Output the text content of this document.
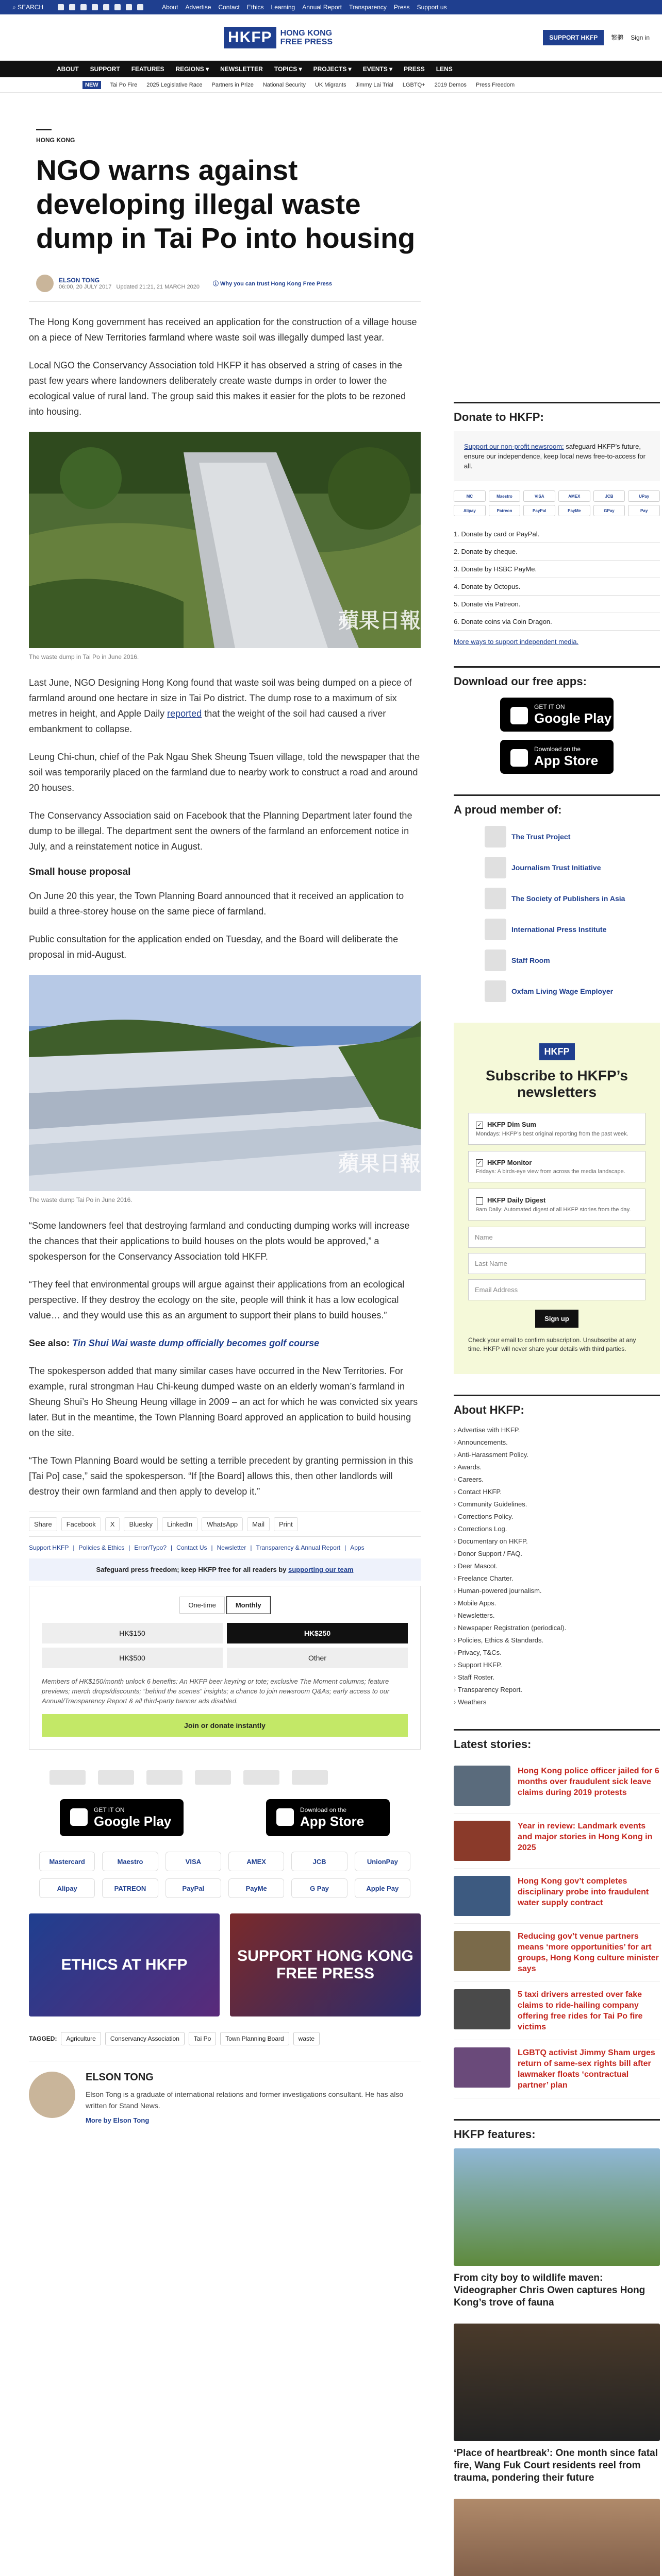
⌕ SEARCH	About Advertise Contact Ethics Learning Annual Report Transparency Press Support us
HKFP	HONG KONG
FREE PRESS	SUPPORT HKFP	繁體 Sign in
ABOUT SUPPORT FEATURES REGIONS ▾ NEWSLETTER TOPICS ▾ PROJECTS ▾ EVENTS ▾ PRESS LENS
NEW	Tai Po Fire 2025 Legislative Race Partners in Prize National Security UK Migrants Jimmy Lai Trial LGBTQ+ 2019 Demos Press Freedom
HONG KONG
NGO warns against developing illegal waste dump in Tai Po into housing
ELSON TONG
06:00, 20 JULY 2017 Updated 21:21, 21 MARCH 2020 ⓘ Why you can trust Hong Kong Free Press

The Hong Kong government has received an application for the construction of a village house on a piece of New Territories farmland where waste soil was illegally dumped last year.

Local NGO the Conservancy Association told HKFP it has observed a string of cases in the past few years where landowners deliberately create waste dumps in order to lower the ecological value of rural land. The group said this makes it easier for the plots to be rezoned into housing.

蘋果日報
The waste dump in Tai Po in June 2016.

Last June, NGO Designing Hong Kong found that waste soil was being dumped on a piece of farmland around one hectare in size in Tai Po district. The dump rose to a maximum of six metres in height, and Apple Daily reported that the weight of the soil had caused a river embankment to collapse.

Leung Chi-chun, chief of the Pak Ngau Shek Sheung Tsuen village, told the newspaper that the soil was temporarily placed on the farmland due to nearby work to construct a road and around 20 houses.

The Conservancy Association said on Facebook that the Planning Department later found the dump to be illegal. The department sent the owners of the farmland an enforcement notice in July, and a reinstatement notice in August.

Small house proposal

On June 20 this year, the Town Planning Board announced that it received an application to build a three-storey house on the same piece of farmland.

Public consultation for the application ended on Tuesday, and the Board will deliberate the proposal in mid-August.

蘋果日報
The waste dump Tai Po in June 2016.

“Some landowners feel that destroying farmland and conducting dumping works will increase the chances that their applications to build houses on the plots would be approved,” a spokesperson for the Conservancy Association told HKFP.

“They feel that environmental groups will argue against their applications from an ecological perspective. If they destroy the ecology on the site, people will think it has a low ecological value… and they would use this as an argument to support their plans to build houses.”

See also: Tin Shui Wai waste dump officially becomes golf course

The spokesperson added that many similar cases have occurred in the New Territories. For example, rural strongman Hau Chi-keung dumped waste on an elderly woman’s farmland in Sheung Shui’s Ho Sheung Heung village in 2009 – an act for which he was convicted six years later. But in the meantime, the Town Planning Board approved an application to build housing on the site.

“The Town Planning Board would be setting a terrible precedent by granting permission in this [Tai Po] case,” said the spokesperson. “If [the Board] allows this, then other landlords will destroy their own farmland and then apply to develop it.”

Share	Facebook	X	Bluesky	LinkedIn	WhatsApp	Mail	Print
Support HKFP | Policies & Ethics | Error/Typo? | Contact Us | Newsletter | Transparency & Annual Report | Apps
Safeguard press freedom; keep HKFP free for all readers by supporting our team
One-time	Monthly
HK$150	HK$250
HK$500	Other
Members of HK$150/month unlock 6 benefits: An HKFP beer keyring or tote; exclusive The Moment columns; feature previews; merch drops/discounts; “behind the scenes” insights; a chance to join newsroom Q&As; early access to our Annual/Transparency Report & all third-party banner ads disabled.
Join or donate instantly
GET IT ON
Google Play
Download on the
App Store
Mastercard	Maestro	VISA	AMEX	JCB	UnionPay
Alipay	PATREON	PayPal	PayMe	G Pay	Apple Pay
ETHICS AT HKFP
SUPPORT HONG KONG FREE PRESS
TAGGED:	Agriculture	Conservancy Association	Tai Po	Town Planning Board	waste
ELSON TONG

Elson Tong is a graduate of international relations and former investigations consultant. He has also written for Stand News.

More by Elson Tong
Donate to HKFP:
Support our non-profit newsroom: safeguard HKFP’s future, ensure our independence, keep local news free-to-access for all.
MC	Maestro	VISA	AMEX	JCB	UPay
Alipay	Patreon	PayPal	PayMe	GPay	Pay
1. Donate by card or PayPal.
2. Donate by cheque.
3. Donate by HSBC PayMe.
4. Donate by Octopus.
5. Donate via Patreon.
6. Donate coins via Coin Dragon.
More ways to support independent media.
Download our free apps:
GET IT ON
Google Play
Download on the
App Store
A proud member of:
The Trust Project
Journalism Trust Initiative
The Society of Publishers in Asia
International Press Institute
Staff Room
Oxfam Living Wage Employer
HKFP
Subscribe to HKFP’s newsletters
✓ HKFP Dim Sum
Mondays: HKFP’s best original reporting from the past week.
✓ HKFP Monitor
Fridays: A birds-eye view from across the media landscape.
HKFP Daily Digest
9am Daily: Automated digest of all HKFP stories from the day.
Name
Last Name
Email Address
Sign up
Check your email to confirm subscription. Unsubscribe at any time. HKFP will never share your details with third parties.
About HKFP:
› Advertise with HKFP.
› Announcements.
› Anti-Harassment Policy.
› Awards.
› Careers.
› Contact HKFP.
› Community Guidelines.
› Corrections Policy.
› Corrections Log.
› Documentary on HKFP.
› Donor Support / FAQ.
› Deer Mascot.
› Freelance Charter.
› Human-powered journalism.
› Mobile Apps.
› Newsletters.
› Newspaper Registration (periodical).
› Policies, Ethics & Standards.
› Privacy, T&Cs.
› Support HKFP.
› Staff Roster.
› Transparency Report.
› Weathers
Latest stories:
Hong Kong police officer jailed for 6 months over fraudulent sick leave claims during 2019 protests
Year in review: Landmark events and major stories in Hong Kong in 2025
Hong Kong gov’t completes disciplinary probe into fraudulent water supply contract
Reducing gov’t venue partners means ‘more opportunities’ for art groups, Hong Kong culture minister says
5 taxi drivers arrested over fake claims to ride-hailing company offering free rides for Tai Po fire victims
LGBTQ activist Jimmy Sham urges return of same-sex rights bill after lawmaker floats ‘contractual partner’ plan
HKFP features:
From city boy to wildlife maven: Videographer Chris Owen captures Hong Kong’s trove of fauna
‘Place of heartbreak’: One month since fatal fire, Wang Fuk Court residents reel from trauma, pondering their future
